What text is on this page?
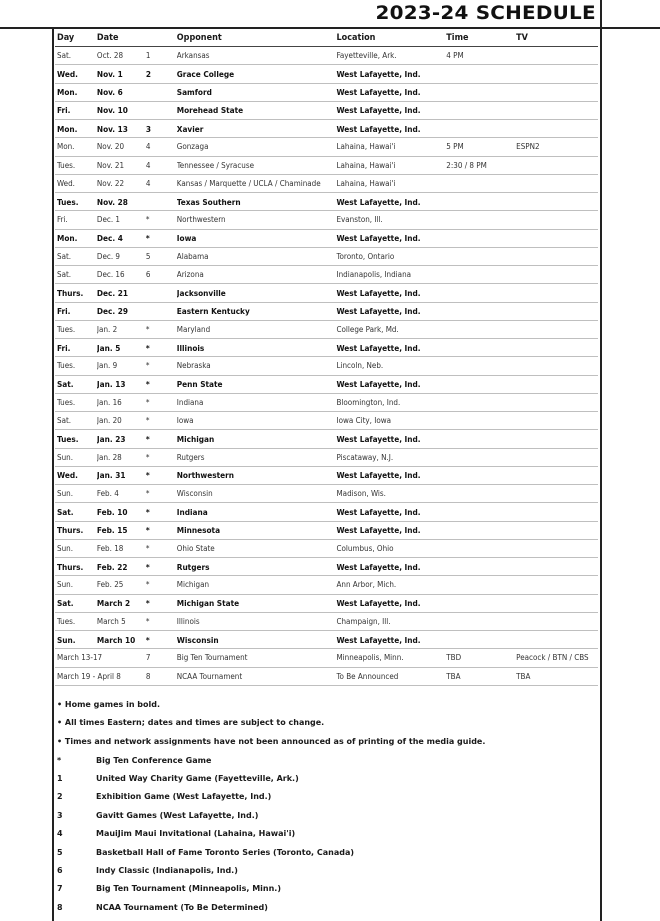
2023-24 SCHEDULE
Day	Date	Opponent	Location	Time	TV
Sat.	Oct. 28	1	Arkansas	Fayetteville, Ark.	4 PM
Wed.	Nov. 1	2	Grace College	West Lafayette, Ind.
Mon.	Nov. 6	Samford	West Lafayette, Ind.
Fri.	Nov. 10	Morehead State	West Lafayette, Ind.
Mon.	Nov. 13	3	Xavier	West Lafayette, Ind.
Mon.	Nov. 20	4	Gonzaga	Lahaina, Hawai'i	5 PM	ESPN2
Tues.	Nov. 21	4	Tennessee / Syracuse	Lahaina, Hawai'i	2:30 / 8 PM
Wed.	Nov. 22	4	Kansas / Marquette / UCLA / Chaminade	Lahaina, Hawai'i
Tues.	Nov. 28	Texas Southern	West Lafayette, Ind.
Fri.	Dec. 1	*	Northwestern	Evanston, Ill.
Mon.	Dec. 4	*	Iowa	West Lafayette, Ind.
Sat.	Dec. 9	5	Alabama	Toronto, Ontario
Sat.	Dec. 16	6	Arizona	Indianapolis, Indiana
Thurs.	Dec. 21	Jacksonville	West Lafayette, Ind.
Fri.	Dec. 29	Eastern Kentucky	West Lafayette, Ind.
Tues.	Jan. 2	*	Maryland	College Park, Md.
Fri.	Jan. 5	*	Illinois	West Lafayette, Ind.
Tues.	Jan. 9	*	Nebraska	Lincoln, Neb.
Sat.	Jan. 13	*	Penn State	West Lafayette, Ind.
Tues.	Jan. 16	*	Indiana	Bloomington, Ind.
Sat.	Jan. 20	*	Iowa	Iowa City, Iowa
Tues.	Jan. 23	*	Michigan	West Lafayette, Ind.
Sun.	Jan. 28	*	Rutgers	Piscataway, N.J.
Wed.	Jan. 31	*	Northwestern	West Lafayette, Ind.
Sun.	Feb. 4	*	Wisconsin	Madison, Wis.
Sat.	Feb. 10	*	Indiana	West Lafayette, Ind.
Thurs.	Feb. 15	*	Minnesota	West Lafayette, Ind.
Sun.	Feb. 18	*	Ohio State	Columbus, Ohio
Thurs.	Feb. 22	*	Rutgers	West Lafayette, Ind.
Sun.	Feb. 25	*	Michigan	Ann Arbor, Mich.
Sat.	March 2	*	Michigan State	West Lafayette, Ind.
Tues.	March 5	*	Illinois	Champaign, Ill.
Sun.	March 10	*	Wisconsin	West Lafayette, Ind.
March 13-17	7	Big Ten Tournament	Minneapolis, Minn.	TBD	Peacock / BTN / CBS
March 19 - April 8	8	NCAA Tournament	To Be Announced	TBA	TBA
• Home games in bold.
• All times Eastern; dates and times are subject to change.
• Times and network assignments have not been announced as of printing of the media guide.
*	Big Ten Conference Game
1	United Way Charity Game (Fayetteville, Ark.)
2	Exhibition Game (West Lafayette, Ind.)
3	Gavitt Games (West Lafayette, Ind.)
4	MauiJim Maui Invitational (Lahaina, Hawai'i)
5	Basketball Hall of Fame Toronto Series (Toronto, Canada)
6	Indy Classic (Indianapolis, Ind.)
7	Big Ten Tournament (Minneapolis, Minn.)
8	NCAA Tournament (To Be Determined)
